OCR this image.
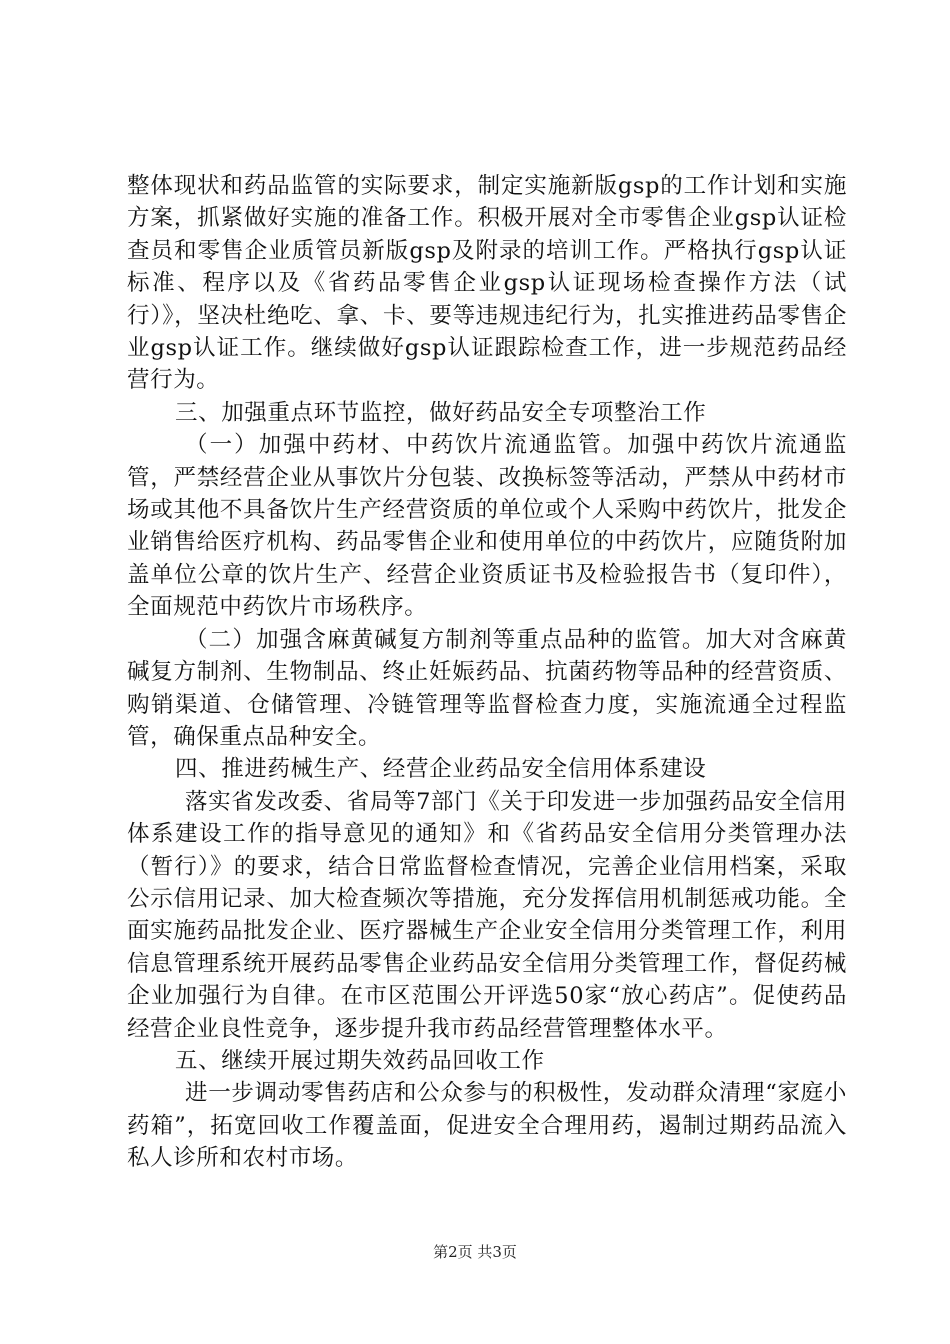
整体现状和药品监管的实际要求，制定实施新版gsp的工作计划和实施方案，抓紧做好实施的准备工作。积极开展对全市零售企业gsp认证检查员和零售企业质管员新版gsp及附录的培训工作。严格执行gsp认证标准、程序以及《省药品零售企业gsp认证现场检查操作方法（试行）》，坚决杜绝吃、拿、卡、要等违规违纪行为，扎实推进药品零售企业gsp认证工作。继续做好gsp认证跟踪检查工作，进一步规范药品经营行为。

三、加强重点环节监控，做好药品安全专项整治工作

（一）加强中药材、中药饮片流通监管。加强中药饮片流通监管，严禁经营企业从事饮片分包装、改换标签等活动，严禁从中药材市场或其他不具备饮片生产经营资质的单位或个人采购中药饮片，批发企业销售给医疗机构、药品零售企业和使用单位的中药饮片，应随货附加盖单位公章的饮片生产、经营企业资质证书及检验报告书（复印件），全面规范中药饮片市场秩序。

（二）加强含麻黄碱复方制剂等重点品种的监管。加大对含麻黄碱复方制剂、生物制品、终止妊娠药品、抗菌药物等品种的经营资质、购销渠道、仓储管理、冷链管理等监督检查力度，实施流通全过程监管，确保重点品种安全。

四、推进药械生产、经营企业药品安全信用体系建设

落实省发改委、省局等7部门《关于印发进一步加强药品安全信用体系建设工作的指导意见的通知》和《省药品安全信用分类管理办法（暂行）》的要求，结合日常监督检查情况，完善企业信用档案，采取公示信用记录、加大检查频次等措施，充分发挥信用机制惩戒功能。全面实施药品批发企业、医疗器械生产企业安全信用分类管理工作，利用信息管理系统开展药品零售企业药品安全信用分类管理工作，督促药械企业加强行为自律。在市区范围公开评选50家“放心药店”。促使药品经营企业良性竞争，逐步提升我市药品经营管理整体水平。

五、继续开展过期失效药品回收工作

进一步调动零售药店和公众参与的积极性，发动群众清理“家庭小药箱”，拓宽回收工作覆盖面，促进安全合理用药，遏制过期药品流入私人诊所和农村市场。

第2页 共3页
